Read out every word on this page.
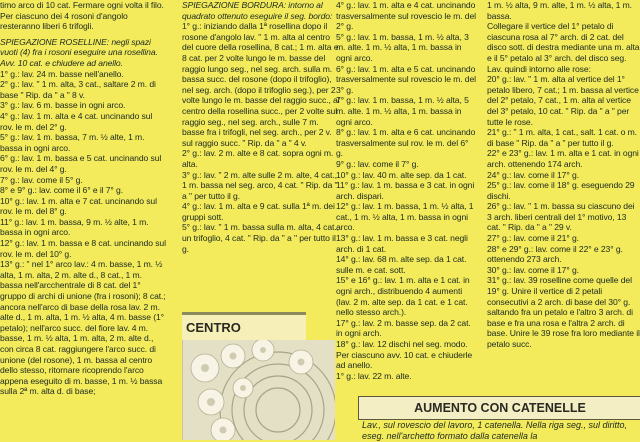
timo arco di 10 cat. Fermare ogni volta il filo.

Per ciascuno dei 4 rosoni d'angolo resteranno liberi 6 trifogli.

SPIEGAZIONE ROSELLINE: negli spazi vuoti (4) fra i rosoni eseguire una rosellina. Avv. 10 cat. e chiudere ad anello.

1° g.: lav. 24 m. basse nell'anello.

2° g.: lav. " 1 m. alta, 3 cat., saltare 2 m. di base " Rip. da " a " 8 v.

3° g.: lav. 6 m. basse in ogni arco.

4° g.: lav. 1 m. alta e 4 cat. uncinando sul rov. le m. del 2° g.

5° g.: lav. 1 m. bassa, 7 m. ½ alte, 1 m. bassa in ogni arco.

6° g.: lav. 1 m. bassa e 5 cat. uncinando sul rov. le m. del 4° g.

7° g.: lav. come il 5° g.

8° e 9° g.: lav. come il 6° e il 7° g.

10° g.: lav. 1 m. alta e 7 cat. uncinando sul rov. le m. del 8° g.

11° g.: lav. 1 m. bassa, 9 m. ½ alte, 1 m. bassa in ogni arco.

12° g.: lav. 1 m. bassa e 8 cat. uncinando sul rov. le m. del 10° g.

13° g.: " nel 1° arco lav.: 4 m. basse, 1 m. ½ alta, 1 m. alta, 2 m. alte d., 8 cat., 1 m. bassa nell'arcchentrale di 8 cat. del 1° gruppo di archi di unione (fra i rosoni); 8 cat.; ancora nell'arco di base della rosa lav. 2 m. alte d., 1 m. alta, 1 m. ½ alta, 4 m. basse (1° petalo); nell'arco succ. del fiore lav. 4 m. basse, 1 m. ½ alta, 1 m. alta, 2 m. alte d., con circa 8 cat. raggiungere l'arco succ. di unione (del rosone), 1 m. bassa al centro dello stesso, ritornare ricoprendo l'arco appena eseguito di m. basse, 1 m. ½ bassa sulla 2ª m. alta d. di base;

SPIEGAZIONE BORDURA: intorno al quadrato ottenuto eseguire il seg. bordo:

1° g.: iniziando dalla 1ª rosellina dopo il rosone d'angolo lav. " 1 m. alta al centro del cuore della rosellina, 8 cat.; 1 m. alta e 8 cat. per 2 volte lungo le m. basse del raggio lungo seg., nel seg. arch. sulla m. bassa succ. del rosone (dopo il trifoglio), nel seg. arch. (dopo il trifoglio seg.), per 2 volte lungo le m. basse del raggio succ., al centro della rosellina succ., per 2 volte sul raggio seg., nel seg. arch., sulle 7 m. basse fra i trifogli, nel seg. arch., per 2 v. sul raggio succ. " Rip. da " a " 4 v.

2° g.: lav. 2 m. alte e 8 cat. sopra ogni m. alta.

3° g.: lav. " 2 m. alte sulle 2 m. alte, 4 cat., 1 m. bassa nel seg. arco, 4 cat. " Rip. da " a " per tutto il g.

4° g.: lav. 1 m. alta e 9 cat. sulla 1ª m. dei gruppi sott.

5° g.: lav. " 1 m. bassa sulla m. alta, 4 cat., un trifoglio, 4 cat. " Rip. da " a " per tutto il g.

CENTRO

4° g.: lav. 1 m. alta e 4 cat. uncinando trasversalmente sul rovescio le m. del 2° g.

5° g.: lav. 1 m. bassa, 1 m. ½ alta, 3 m. alte. 1 m. ½ alta, 1 m. bassa in ogni arco.

6° g.: lav. 1 m. alta e 5 cat. uncinando trasversalmente sul rovescio le m. del 3° g.

7° g.: lav. 1 m. bassa, 1 m. ½ alta, 5 m. alte. 1 m. ½ alta, 1 m. bassa in ogni arco.

8° g.: lav. 1 m. alta e 6 cat. uncinando trasversalmente sul rov. le m. del 6° g.

9° g.: lav. come il 7° g.

10° g.: lav. 40 m. alte sep. da 1 cat.

11° g.: lav. 1 m. bassa e 3 cat. in ogni arch. dispari.

12° g.: lav. 1 m. bassa, 1 m. ½ alta, 1 cat., 1 m. ½ alta, 1 m. bassa in ogni arco.

13° g.: lav. 1 m. bassa e 3 cat. negli arch. di 1 cat.

14° g.: lav. 68 m. alte sep. da 1 cat. sulle m. e cat. sott.

15° e 16° g.: lav. 1 m. alta e 1 cat. in ogni arch., distribuendo 4 aumenti (lav. 2 m. alte sep. da 1 cat. e 1 cat. nello stesso arch.).

17° g.: lav. 2 m. basse sep. da 2 cat. in ogni arch.

18° g.: lav. 12 dischi nel seg. modo. Per ciascuno avv. 10 cat. e chiuderle ad anello.

1° g.: lav. 22 m. alte.

1 m. ½ alta, 9 m. alte, 1 m. ½ alta, 1 m. bassa.

Collegare il vertice del 1° petalo di ciascuna rosa al 7° arch. di 2 cat. del disco sott. di destra mediante una m. alta e il 5° petalo al 3° arch. del disco seg. Lav. quindi intorno alle rose:

20° g.: lav. " 1 m. alta al vertice del 1° petalo libero, 7 cat.; 1 m. bassa al vertice del 2° petalo, 7 cat., 1 m. alta al vertice del 3° petalo, 10 cat. " Rip. da " a " per tutte le rose.

21° g.: " 1 m. alta, 1 cat., salt. 1 cat. o m. di base " Rip. da " a " per tutto il g.

22° e 23° g.: lav. 1 m. alta e 1 cat. in ogni arch. ottenendo 174 arch.

24° g.: lav. come il 17° g.

25° g.: lav. come il 18° g. eseguendo 29 dischi.

26° g.: lav. " 1 m. bassa su ciascuno dei 3 arch. liberi centrali del 1° motivo, 13 cat. " Rip. da " a " 29 v.

27° g.: lav. come il 21° g.

28° e 29° g.: lav. come il 22° e 23° g. ottenendo 273 arch.

30° g.: lav. come il 17° g.

31° g.: lav. 39 roselline come quelle del 19° g. Unire il vertice di 2 petali consecutivi a 2 arch. di base del 30° g. saltando fra un petalo e l'altro 3 arch. di base e fra una rosa e l'altra 2 arch. di base. Unire le 39 rose fra loro mediante il petalo succ.

AUMENTO CON CATENELLE
Lav., sul rovescio del lavoro, 1 catenella. Nella riga seg., sul diritto, eseg. nell'archetto formato dalla catenella la
